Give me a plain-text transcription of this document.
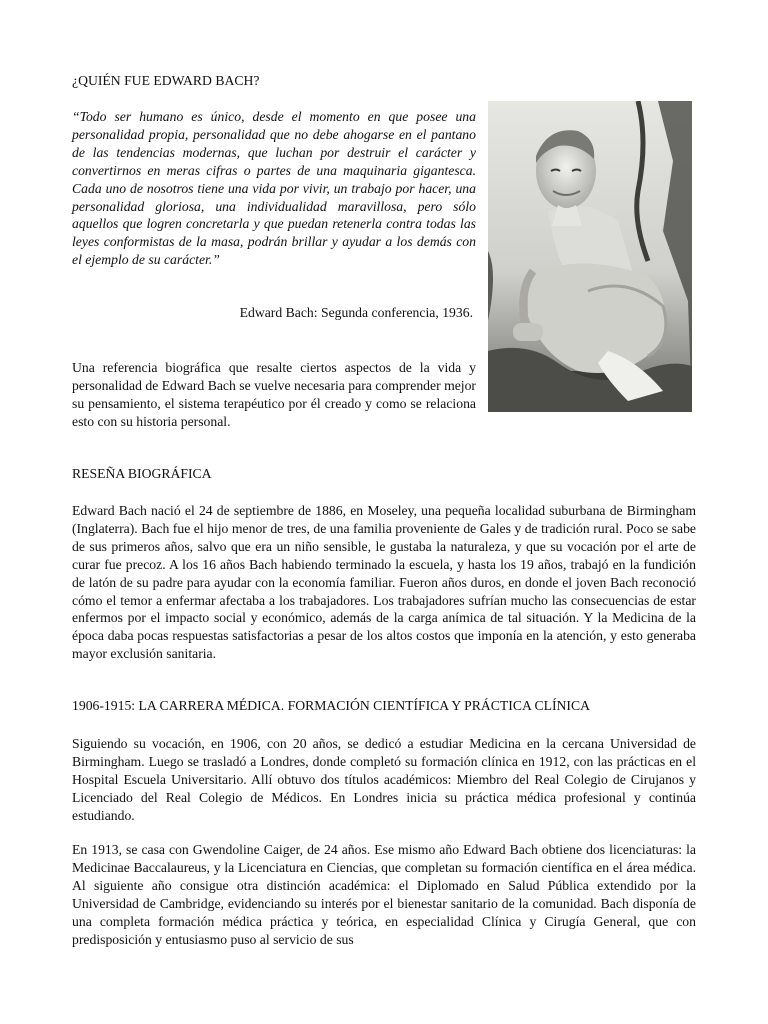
¿QUIÉN FUE EDWARD BACH?

“Todo ser humano es único, desde el momento en que posee una personalidad propia, personalidad que no debe ahogarse en el pantano de las tendencias modernas, que luchan por destruir el carácter y convertirnos en meras cifras o partes de una maquinaria gigantesca. Cada uno de nosotros tiene una vida por vivir, un trabajo por hacer, una personalidad gloriosa, una individualidad maravillosa, pero sólo aquellos que logren concretarla y que puedan retenerla contra todas las leyes conformistas de la masa, podrán brillar y ayudar a los demás con el ejemplo de su carácter.”

Edward Bach: Segunda conferencia, 1936.

Una referencia biográfica que resalte ciertos aspectos de la vida y personalidad de Edward Bach se vuelve necesaria para comprender mejor su pensamiento, el sistema terapéutico por él creado y como se relaciona esto con su historia personal.

RESEÑA BIOGRÁFICA

Edward Bach nació el 24 de septiembre de 1886, en Moseley, una pequeña localidad suburbana de Birmingham (Inglaterra). Bach fue el hijo menor de tres, de una familia proveniente de Gales y de tradición rural. Poco se sabe de sus primeros años, salvo que era un niño sensible, le gustaba la naturaleza, y que su vocación por el arte de curar fue precoz. A los 16 años Bach habiendo terminado la escuela, y hasta los 19 años, trabajó en la fundición de latón de su padre para ayudar con la economía familiar. Fueron años duros, en donde el joven Bach reconoció cómo el temor a enfermar afectaba a los trabajadores. Los trabajadores sufrían mucho las consecuencias de estar enfermos por el impacto social y económico, además de la carga anímica de tal situación. Y la Medicina de la época daba pocas respuestas satisfactorias a pesar de los altos costos que imponía en la atención, y esto generaba mayor exclusión sanitaria.

1906-1915: LA CARRERA MÉDICA. FORMACIÓN CIENTÍFICA Y PRÁCTICA CLÍNICA

Siguiendo su vocación, en 1906, con 20 años, se dedicó a estudiar Medicina en la cercana Universidad de Birmingham. Luego se trasladó a Londres, donde completó su formación clínica en 1912, con las prácticas en el Hospital Escuela Universitario. Allí obtuvo dos títulos académicos: Miembro del Real Colegio de Cirujanos y Licenciado del Real Colegio de Médicos. En Londres inicia su práctica médica profesional y continúa estudiando.

En 1913, se casa con Gwendoline Caiger, de 24 años. Ese mismo año Edward Bach obtiene dos licenciaturas: la Medicinae Baccalaureus, y la Licenciatura en Ciencias, que completan su formación científica en el área médica. Al siguiente año consigue otra distinción académica: el Diplomado en Salud Pública extendido por la Universidad de Cambridge, evidenciando su interés por el bienestar sanitario de la comunidad. Bach disponía de una completa formación médica práctica y teórica, en especialidad Clínica y Cirugía General, que con predisposición y entusiasmo puso al servicio de sus
